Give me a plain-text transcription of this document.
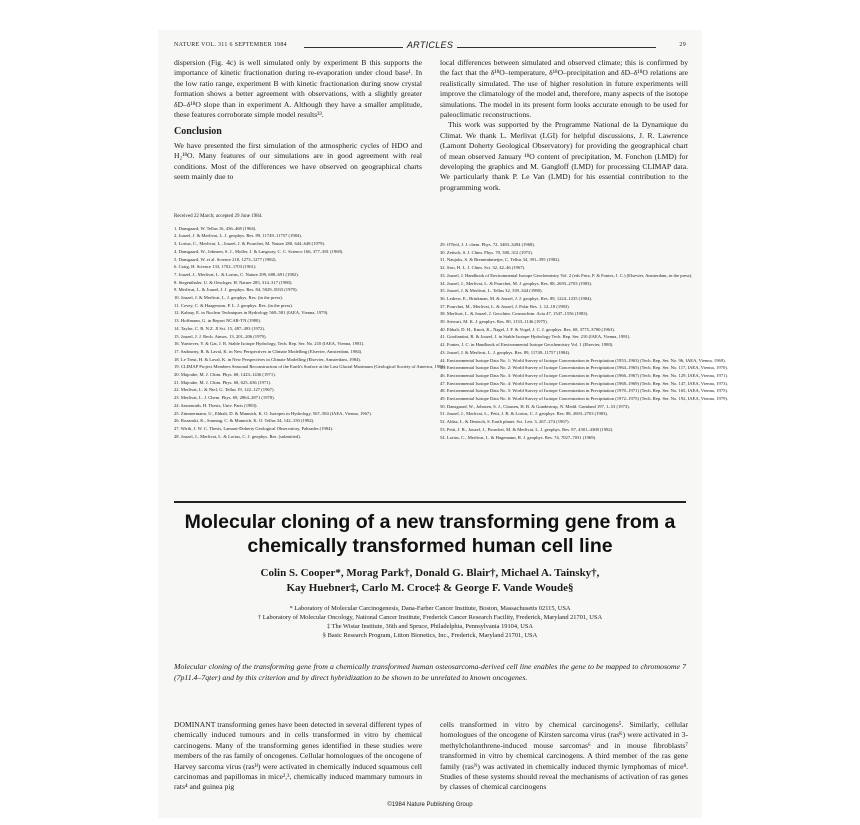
NATURE VOL. 311 6 SEPTEMBER 1984	ARTICLES	29

dispersion (Fig. 4c) is well simulated only by experiment B this supports the importance of kinetic fractionation during re-evaporation under cloud base¹. In the low ratio range, experiment B with kinetic fractionation during snow crystal formation shows a better agreement with observations, with a slightly greater δD–δ¹⁸O slope than in experiment A. Although they have a smaller amplitude, these features corroborate simple model results³³.

Conclusion

We have presented the first simulation of the atmospheric cycles of HDO and H₂¹⁸O. Many features of our simulations are in good agreement with real conditions. Most of the differences we have observed on geographical charts seem mainly due to

local differences between simulated and observed climate; this is confirmed by the fact that the δ¹⁸O–temperature, δ¹⁸O–precipitation and δD–δ¹⁸O relations are realistically simulated. The use of higher resolution in future experiments will improve the climatology of the model and, therefore, many aspects of the isotope simulations. The model in its present form looks accurate enough to be used for paleoclimatic reconstructions.

This work was supported by the Programme National de la Dynamique du Climat. We thank L. Merlivat (LGI) for helpful discussions, J. R. Lawrence (Lamont Doherty Geological Observatory) for providing the geographical chart of mean observed January ¹⁸O content of precipitation, M. Fonchon (LMD) for developing the graphics and M. Gangloff (LMD) for processing CLIMAP data. We particularly thank P. Le Van (LMD) for his essential contribution to the programming work.

Received 22 March; accepted 29 June 1984.
1. Dansgaard, W. Tellus 16, 436–468 (1964).
2. Jouzel, J. & Merlivat, L. J. geophys. Res. 89, 11749–11757 (1984).
3. Lorius, C., Merlivat, L., Jouzel, J. & Pourchet, M. Nature 280, 644–648 (1979).
4. Dansgaard, W., Johnsen, S. J., Moller, J. & Langway, C. C. Science 166, 377–381 (1969).
5. Dansgaard, W. et al. Science 218, 1273–1277 (1982).
6. Craig, H. Science 133, 1702–1703 (1961).
7. Jouzel, J., Merlivat, L. & Lorius, C. Nature 299, 688–691 (1982).
8. Siegenthaler, U. & Oeschger, H. Nature 285, 314–317 (1980).
9. Merlivat, L. & Jouzel, J. J. geophys. Res. 84, 5029–5033 (1979).
10. Jouzel, J. & Merlivat, L. J. geophys. Res. (in the press).
11. Covey, C. & Haagenson, P. L. J. geophys. Res. (in the press).
12. Kalnay, E. in Nuclear Techniques in Hydrology 569–581 (IAEA, Vienna, 1979).
13. Hoffmann, G. in Report NCAR-TN (1980).
14. Taylor, C. B. N.Z. Jl Sci. 15, 487–493 (1972).
15. Jouzel, J. J. Rech. Atmos. 13, 201–206 (1979).
16. Yurtsever, Y. & Gat, J. R. Stable Isotope Hydrology, Tech. Rep. Ser. No. 210 (IAEA, Vienna, 1981).
17. Sadourny, R. & Laval, K. in New Perspectives in Climate Modelling (Elsevier, Amsterdam, 1984).
18. Le Treut, H. & Laval, K. in New Perspectives in Climate Modelling (Elsevier, Amsterdam, 1984).
19. CLIMAP Project Members Seasonal Reconstruction of the Earth's Surface at the Last Glacial Maximum (Geological Society of America, 1981).
20. Majoube, M. J. Chim. Phys. 68, 1423–1436 (1971).
21. Majoube, M. J. Chim. Phys. 68, 625–636 (1971).
22. Merlivat, L. & Nief, G. Tellus 19, 122–127 (1967).
23. Merlivat, L. J. Chem. Phys. 69, 2864–2871 (1978).
24. Sassenrath, H. Thesis, Univ. Paris (1983).
25. Zimmermann, U., Ehhalt, D. & Munnich, K. O. Isotopes in Hydrology, 567–584 (IAEA, Vienna, 1967).
26. Rozanski, K., Sonntag, C. & Munnich, K. O. Tellus 34, 142–150 (1982).
27. Wirth, J. W. C. Thesis, Lamont-Doherty Geological Observatory, Palisades (1984).
28. Jouzel, J., Merlivat, L. & Lorius, C. J. geophys. Res. (submitted).
29. O'Neil, J. J. chem. Phys. 72, 3483–3494 (1968).
30. Zeitsch, S. J. Chim. Phys. 70, 300–312 (1973).
31. Naujoks, S. & Brenninkmeijer, C. Tellus 34, 391–395 (1982).
32. Siro, H. L. J. Chim. Sci. 32, 42–46 (1967).
33. Jouzel, J. Handbook of Environmental Isotope Geochemistry Vol. 2 (eds Fritz, P. & Fontes, J. C.) (Elsevier, Amsterdam, in the press).
34. Jouzel, J., Merlivat, L. & Pourchet, M. J. geophys. Res. 88, 2693–2703 (1983).
35. Jouzel, J. & Merlivat, L. Tellus 32, 339–344 (1980).
36. Ledrew, E., Brinkman, M. & Jouzel, J. J. geophys. Res. 89, 1224–1235 (1984).
37. Pourchet, M., Merlivat, L. & Jouzel, J. Polar Res. 1, 12–18 (1983).
38. Merlivat, L. & Jouzel, J. Geochim. Cosmochim. Acta 47, 1547–1556 (1983).
39. Stewart, M. K. J. geophys. Res. 80, 1133–1146 (1975).
40. Ehhalt, D. H., Knott, K., Nagel, J. F. & Vogel, J. C. J. geophys. Res. 68, 3775–3780 (1963).
41. Gonfiantini, R. & Jouzel, J. in Stable Isotope Hydrology Tech. Rep. Ser. 210 (IAEA, Vienna, 1981).
42. Fontes, J. C. in Handbook of Environmental Isotope Geochemistry Vol. 1 (Elsevier, 1980).
43. Jouzel, J. & Merlivat, L. J. geophys. Res. 89, 11749–11757 (1984).
44. Environmental Isotope Data No. 1: World Survey of Isotope Concentration in Precipitation (1953–1963) (Tech. Rep. Ser. No. 96, IAEA, Vienna, 1969).
45. Environmental Isotope Data No. 2: World Survey of Isotope Concentration in Precipitation (1964–1965) (Tech. Rep. Ser. No. 117, IAEA, Vienna, 1970).
46. Environmental Isotope Data No. 3: World Survey of Isotope Concentration in Precipitation (1966–1967) (Tech. Rep. Ser. No. 129, IAEA, Vienna, 1971).
47. Environmental Isotope Data No. 4: World Survey of Isotope Concentration in Precipitation (1968–1969) (Tech. Rep. Ser. No. 147, IAEA, Vienna, 1973).
48. Environmental Isotope Data No. 5: World Survey of Isotope Concentration in Precipitation (1970–1971) (Tech. Rep. Ser. No. 165, IAEA, Vienna, 1975).
49. Environmental Isotope Data No. 6: World Survey of Isotope Concentration in Precipitation (1972–1975) (Tech. Rep. Ser. No. 192, IAEA, Vienna, 1979).
50. Dansgaard, W., Johnsen, S. J., Clausen, H. B. & Gundestrup, N. Medd. Grønland 197, 1–53 (1973).
51. Jouzel, J., Merlivat, L., Petit, J. R. & Lorius, C. J. geophys. Res. 88, 2693–2703 (1983).
52. Aldaz, L. & Deutsch, S. Earth planet. Sci. Lett. 3, 267–274 (1967).
53. Petit, J. R., Jouzel, J., Pourchet, M. & Merlivat, L. J. geophys. Res. 87, 4301–4308 (1982).
54. Lorius, C., Merlivat, L. & Hagemann, R. J. geophys. Res. 74, 7027–7031 (1969).
Molecular cloning of a new transforming gene from a chemically transformed human cell line
Colin S. Cooper*, Morag Park†, Donald G. Blair†, Michael A. Tainsky†,
Kay Huebner‡, Carlo M. Croce‡ & George F. Vande Woude§
* Laboratory of Molecular Carcinogenesis, Dana-Farber Cancer Institute, Boston, Massachusetts 02115, USA
† Laboratory of Molecular Oncology, National Cancer Institute, Frederick Cancer Research Facility, Frederick, Maryland 21701, USA
‡ The Wistar Institute, 36th and Spruce, Philadelphia, Pennsylvania 19104, USA
§ Basic Research Program, Litton Bionetics, Inc., Frederick, Maryland 21701, USA
Molecular cloning of the transforming gene from a chemically transformed human osteosarcoma-derived cell line enables the gene to be mapped to chromosome 7 (7p11.4–7qter) and by this criterion and by direct hybridization to be shown to be unrelated to known oncogenes.
DOMINANT transforming genes have been detected in several different types of chemically induced tumours and in cells transformed in vitro by chemical carcinogens. Many of the transforming genes identified in these studies were members of the ras family of oncogenes. Cellular homologues of the oncogene of Harvey sarcoma virus (rasᴴ) were activated in chemically induced squamous cell carcinomas and papillomas in mice²,³, chemically induced mammary tumours in rats⁴ and guinea pig
cells transformed in vitro by chemical carcinogens⁵. Similarly, cellular homologues of the oncogene of Kirsten sarcoma virus (rasᴷ) were activated in 3-methylcholanthrene-induced mouse sarcomas⁶ and in mouse fibroblasts⁷ transformed in vitro by chemical carcinogens. A third member of the ras gene family (rasᴺ) was activated in chemically induced thymic lymphomas of mice⁸. Studies of these systems should reveal the mechanisms of activation of ras genes by classes of chemical carcinogens
©1984 Nature Publishing Group
